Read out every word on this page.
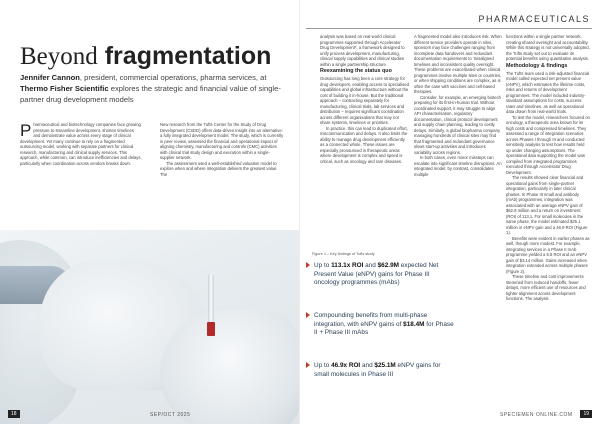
Beyond fragmentation
Jennifer Cannon, president, commercial operations, pharma services, at Thermo Fisher Scientific explores the strategic and financial value of single-partner drug development models

Pharmaceutical and biotechnology companies face growing pressure to streamline development, shorten timelines and demonstrate value across every stage of clinical development. Yet many continue to rely on a fragmented outsourcing model, working with separate partners for clinical research, manufacturing and clinical supply services. This approach, while common, can introduce inefficiencies and delays, particularly when coordination across vendors breaks down.

New research from the Tufts Center for the Study of Drug Development (CSDD) offers data-driven insight into an alternative: a fully integrated development model. The study, which is currently in peer review, assessed the financial and operational impact of aligning chemistry, manufacturing and controls (CMC) activities with clinical trial study design and execution within a single-supplier network.

The assessment used a well-established valuation model to explore when and where integration delivers the greatest value. The

18	SEP/OCT 2025
PHARMACEUTICALS

analysis was based on real-world clinical programmes supported through Accelerator Drug Development*, a framework designed to unify process development, manufacturing, clinical supply capabilities and clinical studies within a single partnership structure.

Reexamining the status quo

Outsourcing has long been a core strategy for drug developers, enabling access to specialised capabilities and global infrastructure without the cost of building it in-house. But the traditional approach – contracting separately for manufacturing, clinical trials, lab services and distribution – requires significant coordination across different organisations that may not share systems, timelines or priorities.

In practice, this can lead to duplicated effort, miscommunication and delays. It also limits the ability to manage drug development efficiently as a connected whole. These issues are especially pronounced in therapeutic areas where development is complex and speed is critical, such as oncology and rare diseases.

A fragmented model also introduces risk. When different service providers operate in silos, sponsors may face challenges ranging from incomplete data handovers and redundant documentation requirements to 'misaligned timelines and inconsistent quality oversight. These problems are exacerbated when clinical programmes involve multiple sites or countries, or when shipping conditions are complex, as is often the case with vaccines and cell-based therapies.

Consider, for example, an emerging biotech preparing for its first-in-human trial. Without coordinated support, it may struggle to align API characterisation, regulatory documentation, clinical protocol development and supply chain planning, leading to costly delays. Similarly, a global biopharma company managing hundreds of clinical sites may find that fragmented and redundant governance slows start-up activities and introduces variability across regions.

In both cases, even minor missteps can escalate into significant timeline disruptions. An integrated model, by contrast, consolidates multiple

functions within a single partner network, creating shared oversight and accountability. While this strategy is not universally adopted, the Tufts study set out to evaluate its potential benefits using quantitative analysis.

Methodology & findings

The Tufts team used a risk-adjusted financial model called expected net present value (eNPV), which estimates the lifetime costs, risks and returns of development programmes. The model included industry-standard assumptions for costs, success rates and timelines, as well as operational data drawn from real-world trials.

To test the model, researchers focused on oncology, a therapeutic area known for its high costs and compressed timelines. They assessed a range of integration scenarios across Phases I through III and conducted sensitivity analysis to test how results held up under changing assumptions. The operational data supporting the model was compiled from integrated programmes executed through Accelerator Drug Development.

The results showed clear financial and operational gains from single-partner integration, particularly in later clinical phases. In Phase III small and antibody (mAb) programmes, integration was associated with an average eNPV gain of $62.9 million and a return on investment (ROI) of 113.1. For small molecules in the same phase, the model estimated $25.1 million in eNPV gain and a 46.9 ROI (Figure 1).

Benefits were evident in earlier phases as well, though more modest. For example, integrating services in a Phase II mAb programme yielded a 5.8 ROI and an eNPV gain of $3.14 million. Gains increased when integration extended across multiple phases (Figure 2).

These timeline and cost improvements stemmed from reduced handoffs, fewer delays, more efficient use of resources and tighter alignment across development functions. The analysis

Figure 1 – Key findings of Tufts study
Up to 113.1x ROI and $62.9M expected Net Present Value (eNPV) gains for Phase III oncology programmes (mAbs)
Compounding benefits from multi-phase integration, with eNPV gains of $18.4M for Phase II + Phase III mAbs
Up to 46.9x ROI and $25.1M eNPV gains for small molecules in Phase III
SPECIEMEN ONLINE.COM	19
